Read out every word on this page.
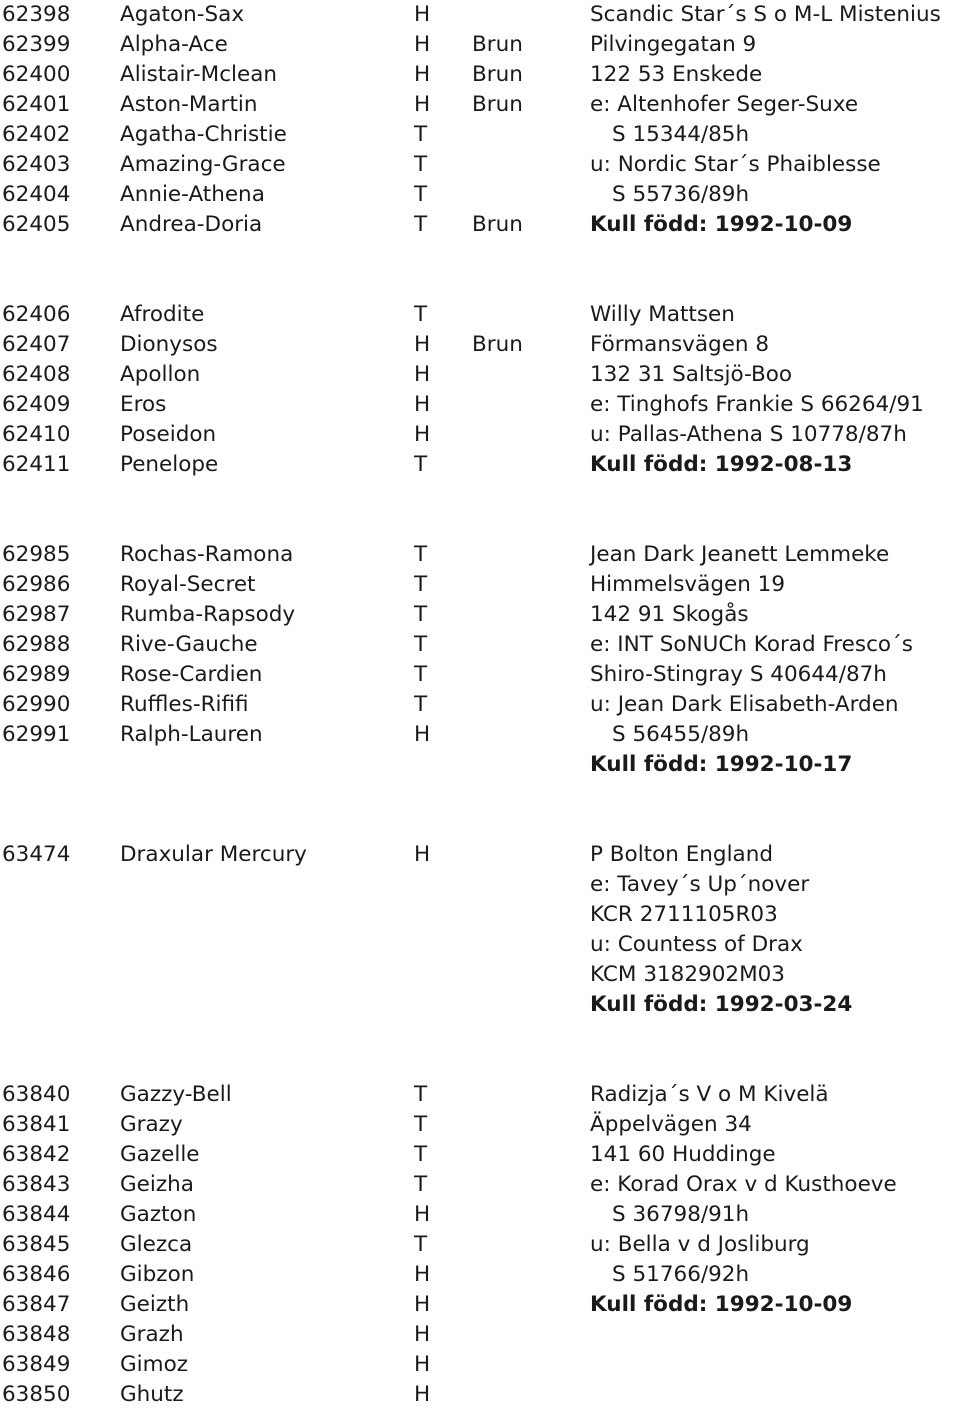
62398 Agaton-Sax	H	Scandic Star´s S o M-L Mistenius
62399 Alpha-Ace	H Brun	Pilvingegatan 9
62400 Alistair-Mclean	H Brun	122 53 Enskede
62401 Aston-Martin	H Brun	e: Altenhofer Seger-Suxe
62402 Agatha-Christie	T	S 15344/85h
62403 Amazing-Grace	T	u: Nordic Star´s Phaiblesse
62404 Annie-Athena	T	S 55736/89h
62405 Andrea-Doria	T Brun	Kull född: 1992-10-09
62406 Afrodite	T	Willy Mattsen
62407 Dionysos	H Brun	Förmansvägen 8
62408 Apollon	H	132 31 Saltsjö-Boo
62409 Eros	H	e: Tinghofs Frankie S 66264/91
62410 Poseidon	H	u: Pallas-Athena S 10778/87h
62411 Penelope	T	Kull född: 1992-08-13
62985 Rochas-Ramona	T	Jean Dark Jeanett Lemmeke
62986 Royal-Secret	T	Himmelsvägen 19
62987 Rumba-Rapsody	T	142 91 Skogås
62988 Rive-Gauche	T	e: INT SoNUCh Korad Fresco´s
62989 Rose-Cardien	T	Shiro-Stingray S 40644/87h
62990 Ruffles-Rififi	T	u: Jean Dark Elisabeth-Arden
62991 Ralph-Lauren	H	S 56455/89h
Kull född: 1992-10-17
63474 Draxular Mercury	H	P Bolton England
e: Tavey´s Up´nover
KCR 2711105R03
u: Countess of Drax
KCM 3182902M03
Kull född: 1992-03-24
63840 Gazzy-Bell	T	Radizja´s V o M Kivelä
63841 Grazy	T	Äppelvägen 34
63842 Gazelle	T	141 60 Huddinge
63843 Geizha	T	e: Korad Orax v d Kusthoeve
63844 Gazton	H	S 36798/91h
63845 Glezca	T	u: Bella v d Josliburg
63846 Gibzon	H	S 51766/92h
63847 Geizth	H	Kull född: 1992-10-09
63848 Grazh	H
63849 Gimoz	H
63850 Ghutz	H
